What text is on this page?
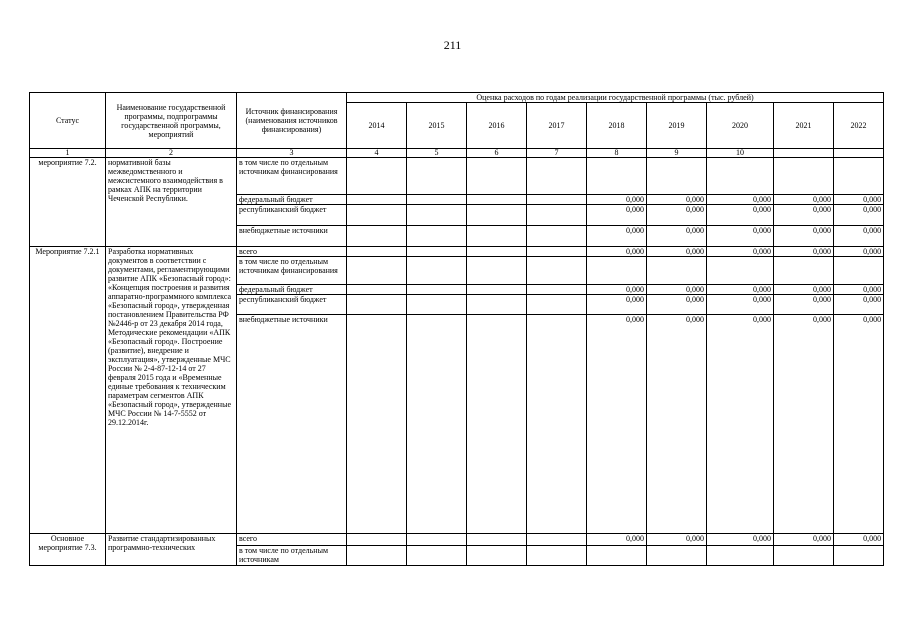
211
Статус	Наименование государственной программы, подпрограммы государственной программы, мероприятий	Источник финансирования (наименования источников финансирования)	Оценка расходов по годам реализации государственной программы (тыс. рублей)								
			2014	2015	2016	2017	2018	2019	2020	2021	2022
1	2	3	4	5	6	7	8	9	10		
мероприятие 7.2.	нормативной базы межведомственного и межсистемного взаимодействия в рамках АПК на территории Чеченской Республики.	в том числе по отдельным источникам финансирования									
		федеральный бюджет					0,000	0,000	0,000	0,000	0,000
		республиканский бюджет					0,000	0,000	0,000	0,000	0,000
		внебюджетные источники					0,000	0,000	0,000	0,000	0,000
Мероприятие 7.2.1	Разработка нормативных документов в соответствии с документами, регламентирующими развитие АПК «Безопасный город»: «Концепция построения и развития аппаратно-программного комплекса «Безопасный город», утвержденная постановлением Правительства РФ №2446-р от 23 декабря 2014 года, Методические рекомендации «АПК «Безопасный город». Построение (развитие), внедрение и эксплуатация», утвержденные МЧС России № 2-4-87-12-14 от 27 февраля 2015 года и «Временные единые требования к техническим параметрам сегментов АПК «Безопасный город», утвержденные МЧС России № 14-7-5552 от 29.12.2014г.	всего					0,000	0,000	0,000	0,000	0,000
		в том числе по отдельным источникам финансирования									
		федеральный бюджет					0,000	0,000	0,000	0,000	0,000
		республиканский бюджет					0,000	0,000	0,000	0,000	0,000
		внебюджетные источники					0,000	0,000	0,000	0,000	0,000
Основное мероприятие 7.3.	Развитие стандартизированных программно-технических	всего					0,000	0,000	0,000	0,000	0,000
		в том числе по отдельным источникам									
